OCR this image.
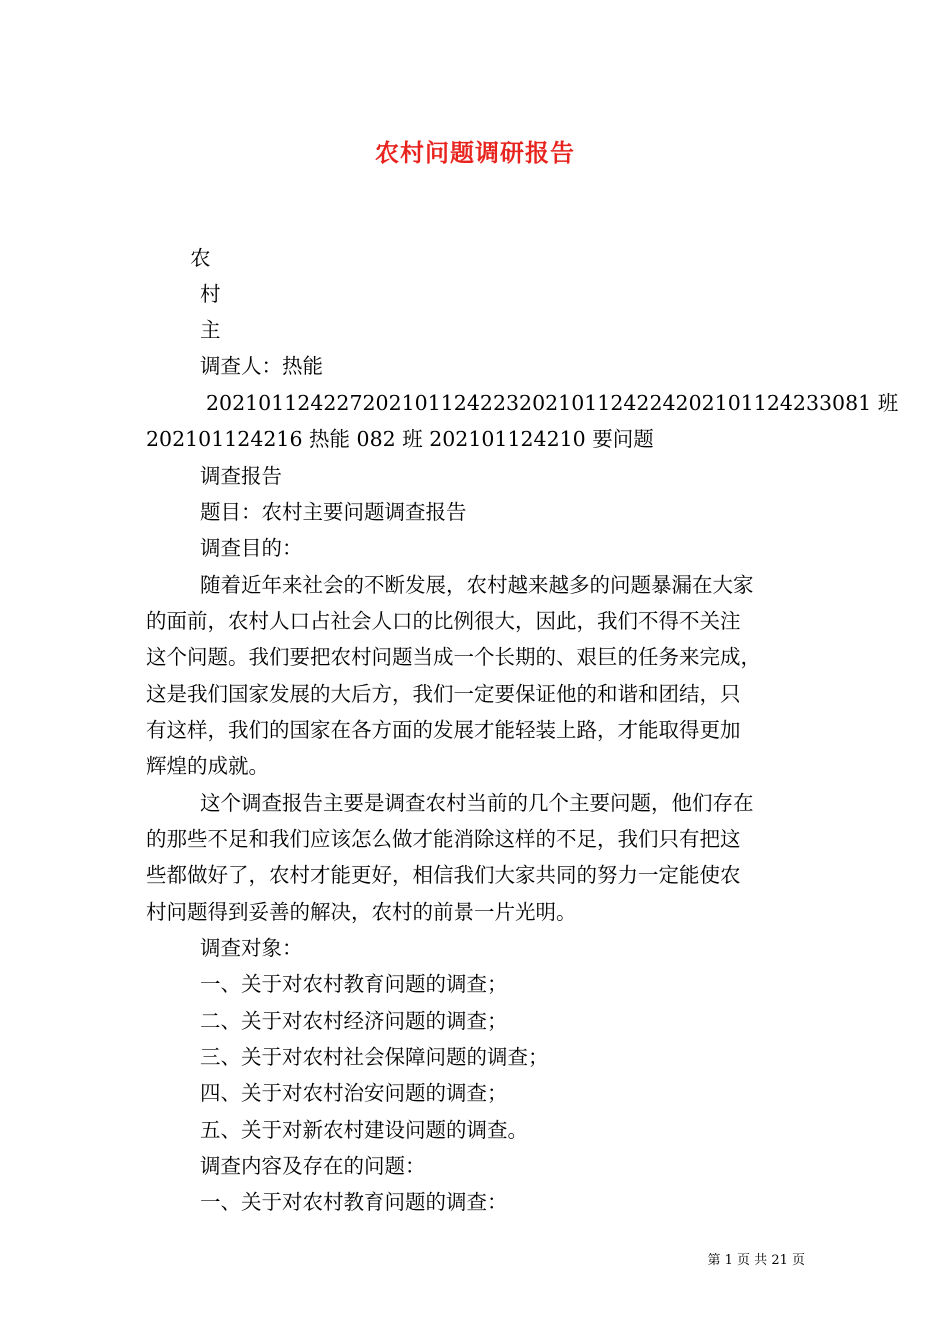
农村问题调研报告
农
村
主
调查人：热能
2021011242272021011242232021011242242021011242330​81 班
202101124216 热能 082 班 202101124210 要问题
调查报告
题目：农村主要问题调查报告
调查目的：
随着近年来社会的不断发展，农村越来越多的问题暴漏在大家
的面前，农村人口占社会人口的比例很大，因此，我们不得不关注
这个问题。我们要把农村问题当成一个长期的、艰巨的任务来完成，
这是我们国家发展的大后方，我们一定要保证他的和谐和团结，只
有这样，我们的国家在各方面的发展才能轻装上路，才能取得更加
辉煌的成就。
这个调查报告主要是调查农村当前的几个主要问题，他们存在
的那些不足和我们应该怎么做才能消除这样的不足，我们只有把这
些都做好了，农村才能更好，相信我们大家共同的努力一定能使农
村问题得到妥善的解决，农村的前景一片光明。
调查对象：
一、关于对农村教育问题的调查；
二、关于对农村经济问题的调查；
三、关于对农村社会保障问题的调查；
四、关于对农村治安问题的调查；
五、关于对新农村建设问题的调查。
调查内容及存在的问题：
一、关于对农村教育问题的调查：
第 1 页 共 21 页
